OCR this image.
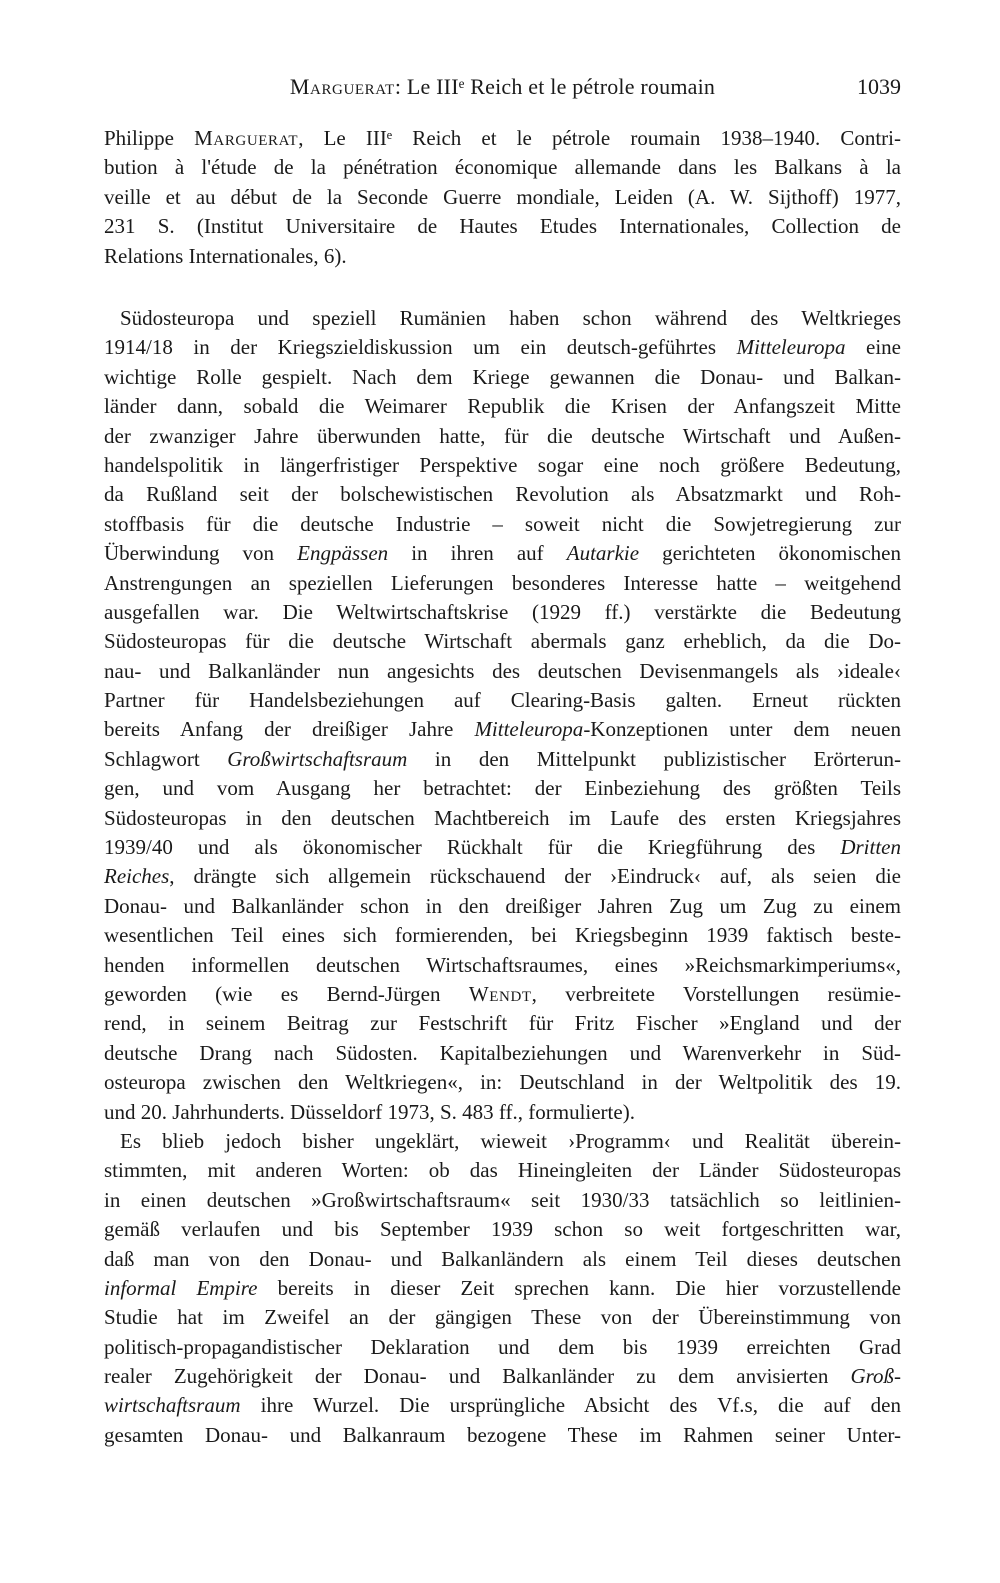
Marguerat: Le IIIᵉ Reich et le pétrole roumain	1039
Philippe Marguerat, Le IIIᵉ Reich et le pétrole roumain 1938–1940. Contri-
bution à l'étude de la pénétration économique allemande dans les Balkans à la
veille et au début de la Seconde Guerre mondiale, Leiden (A. W. Sijthoff) 1977,
231 S. (Institut Universitaire de Hautes Etudes Internationales, Collection de
Relations Internationales, 6).
Südosteuropa und speziell Rumänien haben schon während des Weltkrieges
1914/18 in der Kriegszieldiskussion um ein deutsch-geführtes Mitteleuropa eine
wichtige Rolle gespielt. Nach dem Kriege gewannen die Donau- und Balkan-
länder dann, sobald die Weimarer Republik die Krisen der Anfangszeit Mitte
der zwanziger Jahre überwunden hatte, für die deutsche Wirtschaft und Außen-
handelspolitik in längerfristiger Perspektive sogar eine noch größere Bedeutung,
da Rußland seit der bolschewistischen Revolution als Absatzmarkt und Roh-
stoffbasis für die deutsche Industrie – soweit nicht die Sowjetregierung zur
Überwindung von Engpässen in ihren auf Autarkie gerichteten ökonomischen
Anstrengungen an speziellen Lieferungen besonderes Interesse hatte – weitgehend
ausgefallen war. Die Weltwirtschaftskrise (1929 ff.) verstärkte die Bedeutung
Südosteuropas für die deutsche Wirtschaft abermals ganz erheblich, da die Do-
nau- und Balkanländer nun angesichts des deutschen Devisenmangels als ›ideale‹
Partner für Handelsbeziehungen auf Clearing-Basis galten. Erneut rückten
bereits Anfang der dreißiger Jahre Mitteleuropa-Konzeptionen unter dem neuen
Schlagwort Großwirtschaftsraum in den Mittelpunkt publizistischer Erörterun-
gen, und vom Ausgang her betrachtet: der Einbeziehung des größten Teils
Südosteuropas in den deutschen Machtbereich im Laufe des ersten Kriegsjahres
1939/40 und als ökonomischer Rückhalt für die Kriegführung des Dritten
Reiches, drängte sich allgemein rückschauend der ›Eindruck‹ auf, als seien die
Donau- und Balkanländer schon in den dreißiger Jahren Zug um Zug zu einem
wesentlichen Teil eines sich formierenden, bei Kriegsbeginn 1939 faktisch beste-
henden informellen deutschen Wirtschaftsraumes, eines »Reichsmarkimperiums«,
geworden (wie es Bernd-Jürgen Wendt, verbreitete Vorstellungen resümie-
rend, in seinem Beitrag zur Festschrift für Fritz Fischer »England und der
deutsche Drang nach Südosten. Kapitalbeziehungen und Warenverkehr in Süd-
osteuropa zwischen den Weltkriegen«, in: Deutschland in der Weltpolitik des 19.
und 20. Jahrhunderts. Düsseldorf 1973, S. 483 ff., formulierte).
Es blieb jedoch bisher ungeklärt, wieweit ›Programm‹ und Realität überein-
stimmten, mit anderen Worten: ob das Hineingleiten der Länder Südosteuropas
in einen deutschen »Großwirtschaftsraum« seit 1930/33 tatsächlich so leitlinien-
gemäß verlaufen und bis September 1939 schon so weit fortgeschritten war,
daß man von den Donau- und Balkanländern als einem Teil dieses deutschen
informal Empire bereits in dieser Zeit sprechen kann. Die hier vorzustellende
Studie hat im Zweifel an der gängigen These von der Übereinstimmung von
politisch-propagandistischer Deklaration und dem bis 1939 erreichten Grad
realer Zugehörigkeit der Donau- und Balkanländer zu dem anvisierten Groß-
wirtschaftsraum ihre Wurzel. Die ursprüngliche Absicht des Vf.s, die auf den
gesamten Donau- und Balkanraum bezogene These im Rahmen seiner Unter-
